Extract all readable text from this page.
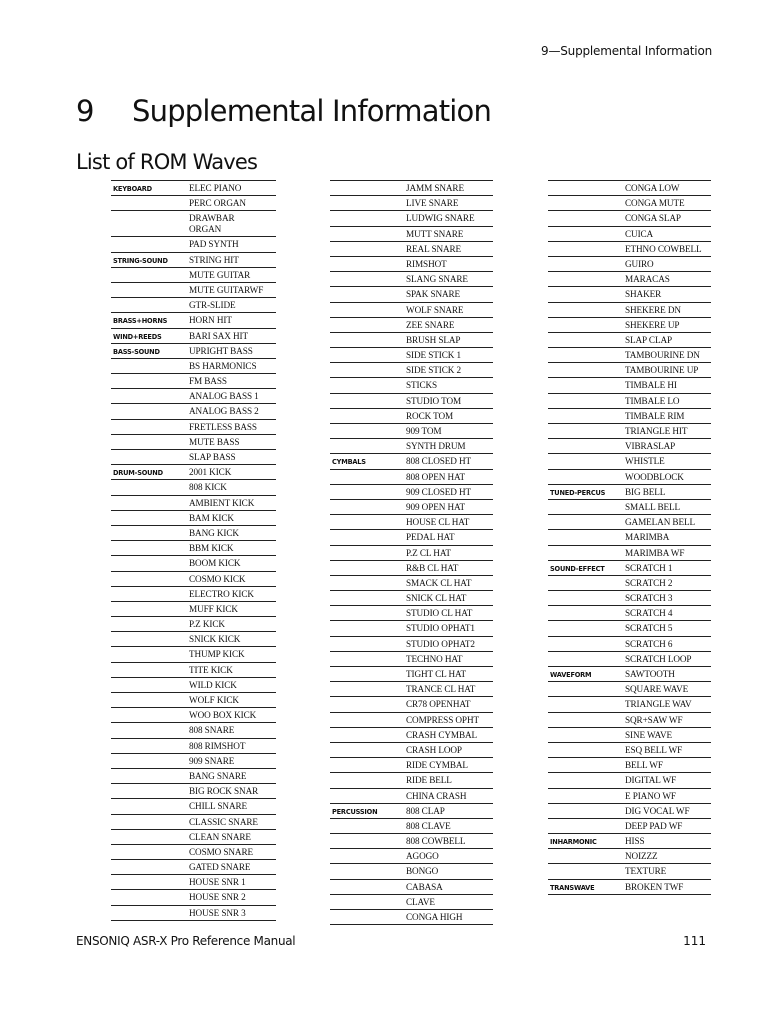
9—Supplemental Information
9 Supplemental Information
List of ROM Waves
KEYBOARD	ELEC PIANO
	PERC ORGAN
	DRAWBAR
ORGAN
	PAD SYNTH
STRING-SOUND	STRING HIT
	MUTE GUITAR
	MUTE GUITARWF
	GTR-SLIDE
BRASS+HORNS	HORN HIT
WIND+REEDS	BARI SAX HIT
BASS-SOUND	UPRIGHT BASS
	BS HARMONICS
	FM BASS
	ANALOG BASS 1
	ANALOG BASS 2
	FRETLESS BASS
	MUTE BASS
	SLAP BASS
DRUM-SOUND	2001 KICK
	808 KICK
	AMBIENT KICK
	BAM KICK
	BANG KICK
	BBM KICK
	BOOM KICK
	COSMO KICK
	ELECTRO KICK
	MUFF KICK
	P.Z KICK
	SNICK KICK
	THUMP KICK
	TITE KICK
	WILD KICK
	WOLF KICK
	WOO BOX KICK
	808 SNARE
	808 RIMSHOT
	909 SNARE
	BANG SNARE
	BIG ROCK SNAR
	CHILL SNARE
	CLASSIC SNARE
	CLEAN SNARE
	COSMO SNARE
	GATED SNARE
	HOUSE SNR 1
	HOUSE SNR 2
	HOUSE SNR 3
	JAMM SNARE
	LIVE SNARE
	LUDWIG SNARE
	MUTT SNARE
	REAL SNARE
	RIMSHOT
	SLANG SNARE
	SPAK SNARE
	WOLF SNARE
	ZEE SNARE
	BRUSH SLAP
	SIDE STICK 1
	SIDE STICK 2
	STICKS
	STUDIO TOM
	ROCK TOM
	909 TOM
	SYNTH DRUM
CYMBALS	808 CLOSED HT
	808 OPEN HAT
	909 CLOSED HT
	909 OPEN HAT
	HOUSE CL HAT
	PEDAL HAT
	P.Z CL HAT
	R&B CL HAT
	SMACK CL HAT
	SNICK CL HAT
	STUDIO CL HAT
	STUDIO OPHAT1
	STUDIO OPHAT2
	TECHNO HAT
	TIGHT CL HAT
	TRANCE CL HAT
	CR78 OPENHAT
	COMPRESS OPHT
	CRASH CYMBAL
	CRASH LOOP
	RIDE CYMBAL
	RIDE BELL
	CHINA CRASH
PERCUSSION	808 CLAP
	808 CLAVE
	808 COWBELL
	AGOGO
	BONGO
	CABASA
	CLAVE
	CONGA HIGH
	CONGA LOW
	CONGA MUTE
	CONGA SLAP
	CUICA
	ETHNO COWBELL
	GUIRO
	MARACAS
	SHAKER
	SHEKERE DN
	SHEKERE UP
	SLAP CLAP
	TAMBOURINE DN
	TAMBOURINE UP
	TIMBALE HI
	TIMBALE LO
	TIMBALE RIM
	TRIANGLE HIT
	VIBRASLAP
	WHISTLE
	WOODBLOCK
TUNED-PERCUS	BIG BELL
	SMALL BELL
	GAMELAN BELL
	MARIMBA
	MARIMBA WF
SOUND-EFFECT	SCRATCH 1
	SCRATCH 2
	SCRATCH 3
	SCRATCH 4
	SCRATCH 5
	SCRATCH 6
	SCRATCH LOOP
WAVEFORM	SAWTOOTH
	SQUARE WAVE
	TRIANGLE WAV
	SQR+SAW WF
	SINE WAVE
	ESQ BELL WF
	BELL WF
	DIGITAL WF
	E PIANO WF
	DIG VOCAL WF
	DEEP PAD WF
INHARMONIC	HISS
	NOIZZZ
	TEXTURE
TRANSWAVE	BROKEN TWF
ENSONIQ ASR-X Pro Reference Manual	111
